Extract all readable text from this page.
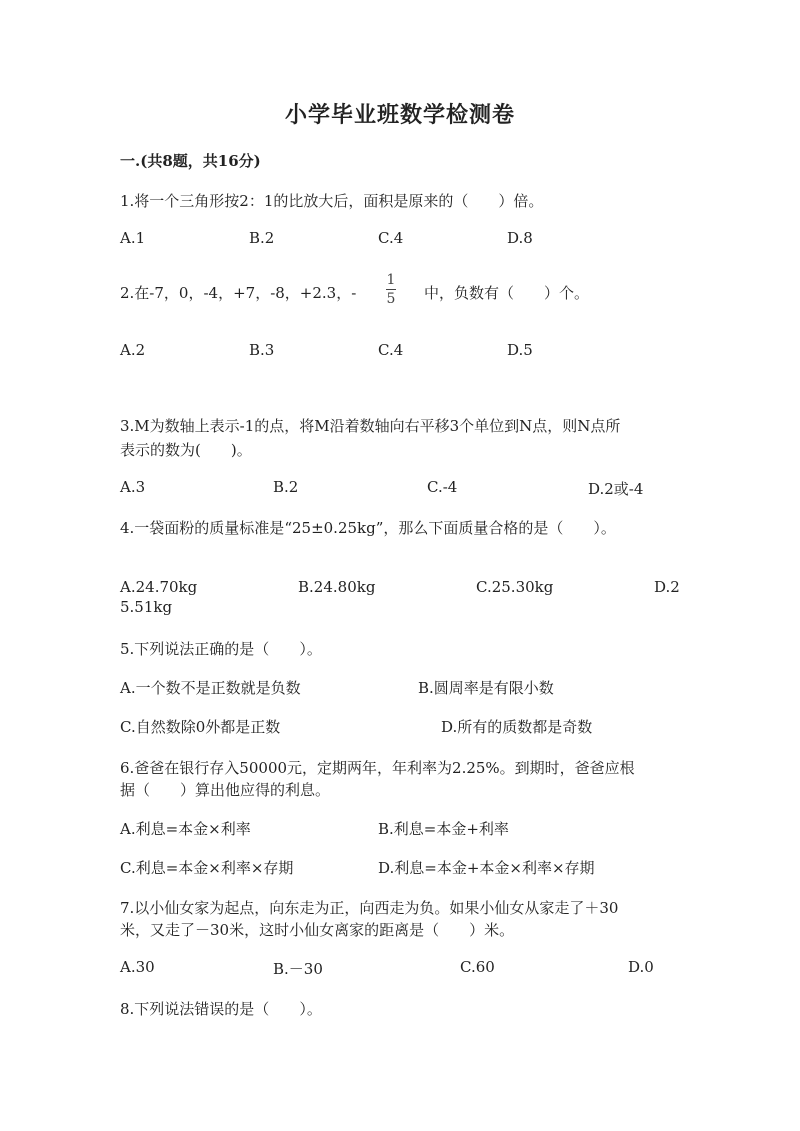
小学毕业班数学检测卷
一.(共8题，共16分)
1.将一个三角形按2：1的比放大后，面积是原来的（　　）倍。
A.1	B.2	C.4	D.8
2.在-7，0，-4，+7，-8，+2.3，-
1
5 中，负数有（　　）个。
A.2	B.3	C.4	D.5
3.M为数轴上表示-1的点，将M沿着数轴向右平移3个单位到N点，则N点所
表示的数为(　　)。
A.3	B.2	C.-4	D.2或-4
4.一袋面粉的质量标准是“25±0.25kg”，那么下面质量合格的是（　　）。
A.24.70kg	B.24.80kg	C.25.30kg	D.2
5.51kg
5.下列说法正确的是（　　）。
A.一个数不是正数就是负数	B.圆周率是有限小数
C.自然数除0外都是正数	D.所有的质数都是奇数
6.爸爸在银行存入50000元，定期两年，年利率为2.25%。到期时，爸爸应根
据（　　）算出他应得的利息。
A.利息=本金×利率	B.利息=本金+利率
C.利息=本金×利率×存期	D.利息=本金+本金×利率×存期
7.以小仙女家为起点，向东走为正，向西走为负。如果小仙女从家走了＋30
米，又走了－30米，这时小仙女离家的距离是（　　）米。
A.30	B.－30	C.60	D.0
8.下列说法错误的是（　　）。
